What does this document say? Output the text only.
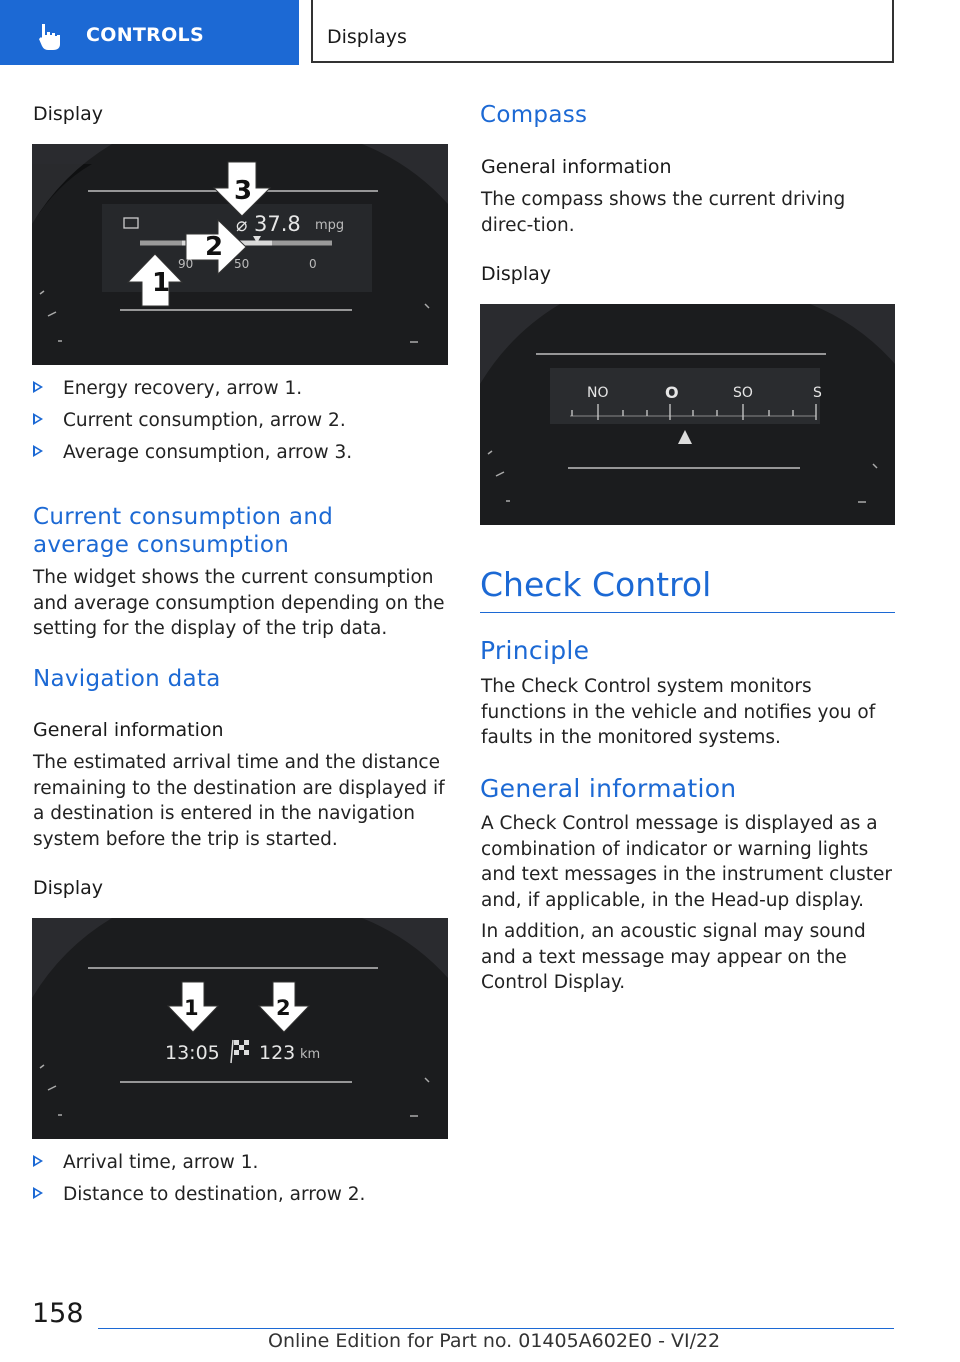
CONTROLS	Displays
Display
1
2
3
⌀ 37.8 mpg
90	50	0
Energy recovery, arrow 1.
Current consumption, arrow 2.
Average consumption, arrow 3.
Current consumption and average consumption
The widget shows the current consumption and average consumption depending on the setting for the display of the trip data.
Navigation data
General information
The estimated arrival time and the distance remaining to the destination are displayed if a destination is entered in the navigation system before the trip is started.
Display
1	2
13:05 123 km
Arrival time, arrow 1.
Distance to destination, arrow 2.
Compass
General information
The compass shows the current driving direc-tion.
Display
NO	O	SO	S
Check Control
Principle
The Check Control system monitors functions in the vehicle and notifies you of faults in the monitored systems.
General information
A Check Control message is displayed as a combination of indicator or warning lights and text messages in the instrument cluster and, if applicable, in the Head-up display.
In addition, an acoustic signal may sound and a text message may appear on the Control Display.
158
Online Edition for Part no. 01405A602E0 - VI/22
